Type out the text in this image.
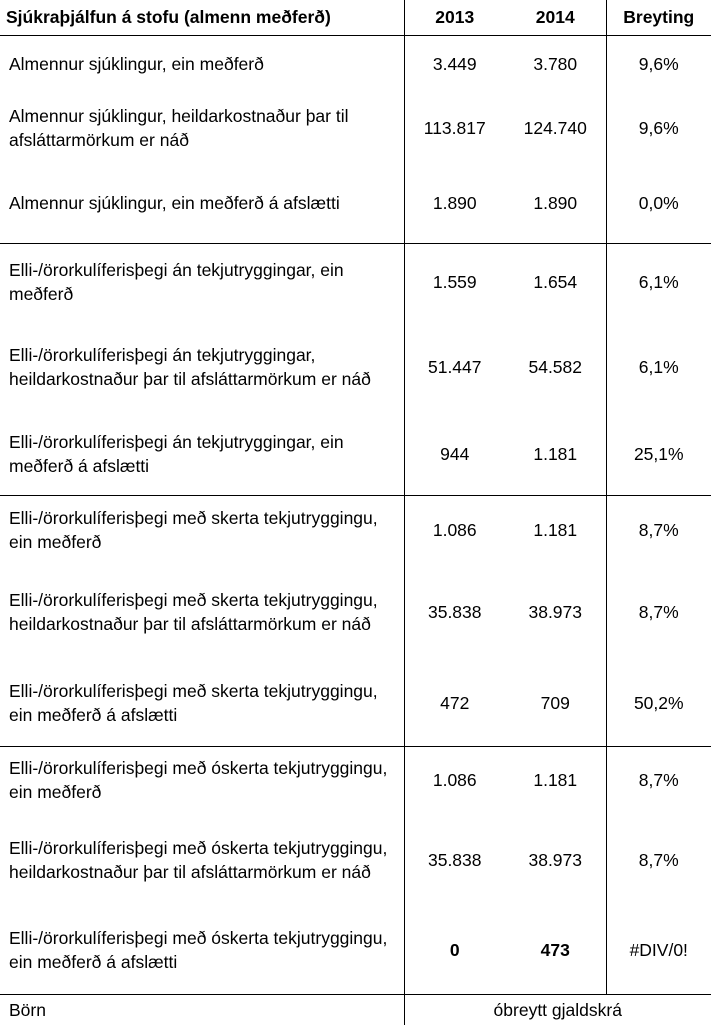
Sjúkraþjálfun á stofu (almenn meðferð)	2013	2014	Breyting
Almennur sjúklingur, ein meðferð	3.449	3.780	9,6%
Almennur sjúklingur, heildarkostnaður þar til afsláttarmörkum er náð	113.817	124.740	9,6%
Almennur sjúklingur, ein meðferð á afslætti	1.890	1.890	0,0%
Elli-/örorkulíferisþegi án tekjutryggingar, ein meðferð	1.559	1.654	6,1%
Elli-/örorkulíferisþegi án tekjutryggingar, heildarkostnaður þar til afsláttarmörkum er náð	51.447	54.582	6,1%
Elli-/örorkulíferisþegi án tekjutryggingar, ein meðferð á afslætti	944	1.181	25,1%
Elli-/örorkulíferisþegi með skerta tekjutryggingu, ein meðferð	1.086	1.181	8,7%
Elli-/örorkulíferisþegi með skerta tekjutryggingu, heildarkostnaður þar til afsláttarmörkum er náð	35.838	38.973	8,7%
Elli-/örorkulíferisþegi með skerta tekjutryggingu, ein meðferð á afslætti	472	709	50,2%
Elli-/örorkulíferisþegi með óskerta tekjutryggingu, ein meðferð	1.086	1.181	8,7%
Elli-/örorkulíferisþegi með óskerta tekjutryggingu, heildarkostnaður þar til afsláttarmörkum er náð	35.838	38.973	8,7%
Elli-/örorkulíferisþegi með óskerta tekjutryggingu, ein meðferð á afslætti	0	473	#DIV/0!
Börn	óbreytt gjaldskrá		
